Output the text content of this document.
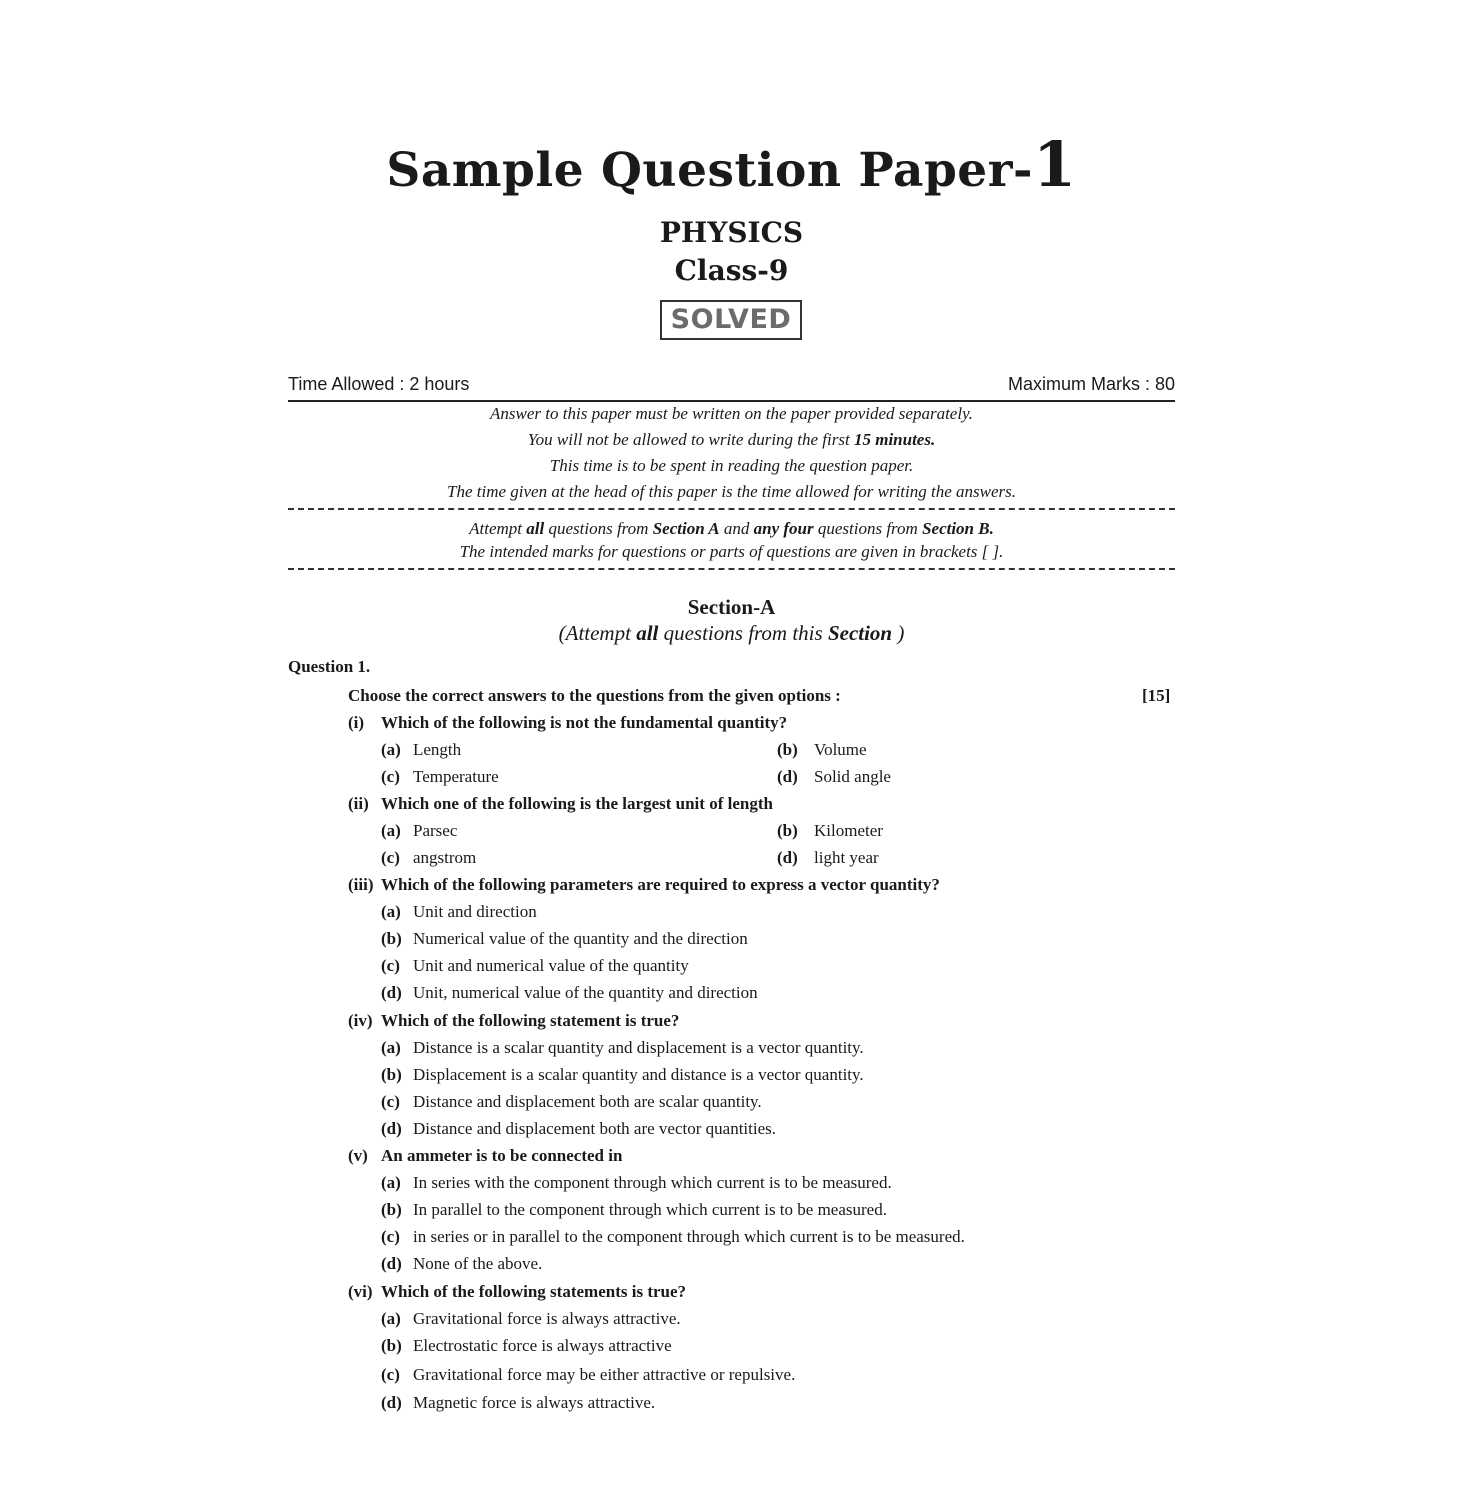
Sample Question Paper-1
PHYSICS
Class-9
SOLVED
Time Allowed : 2 hours	Maximum Marks : 80
Answer to this paper must be written on the paper provided separately.
You will not be allowed to write during the first 15 minutes.
This time is to be spent in reading the question paper.
The time given at the head of this paper is the time allowed for writing the answers.
Attempt all questions from Section A and any four questions from Section B.
The intended marks for questions or parts of questions are given in brackets [ ].
Section-A
(Attempt all questions from this Section )
Question 1.
Choose the correct answers to the questions from the given options :	[15]
(i) Which of the following is not the fundamental quantity?
(a) Length	(b) Volume
(c) Temperature	(d) Solid angle
(ii) Which one of the following is the largest unit of length
(a) Parsec	(b) Kilometer
(c) angstrom	(d) light year
(iii) Which of the following parameters are required to express a vector quantity?
(a) Unit and direction
(b) Numerical value of the quantity and the direction
(c) Unit and numerical value of the quantity
(d) Unit, numerical value of the quantity and direction
(iv) Which of the following statement is true?
(a) Distance is a scalar quantity and displacement is a vector quantity.
(b) Displacement is a scalar quantity and distance is a vector quantity.
(c) Distance and displacement both are scalar quantity.
(d) Distance and displacement both are vector quantities.
(v) An ammeter is to be connected in
(a) In series with the component through which current is to be measured.
(b) In parallel to the component through which current is to be measured.
(c) in series or in parallel to the component through which current is to be measured.
(d) None of the above.
(vi) Which of the following statements is true?
(a) Gravitational force is always attractive.
(b) Electrostatic force is always attractive
(c) Gravitational force may be either attractive or repulsive.
(d) Magnetic force is always attractive.
